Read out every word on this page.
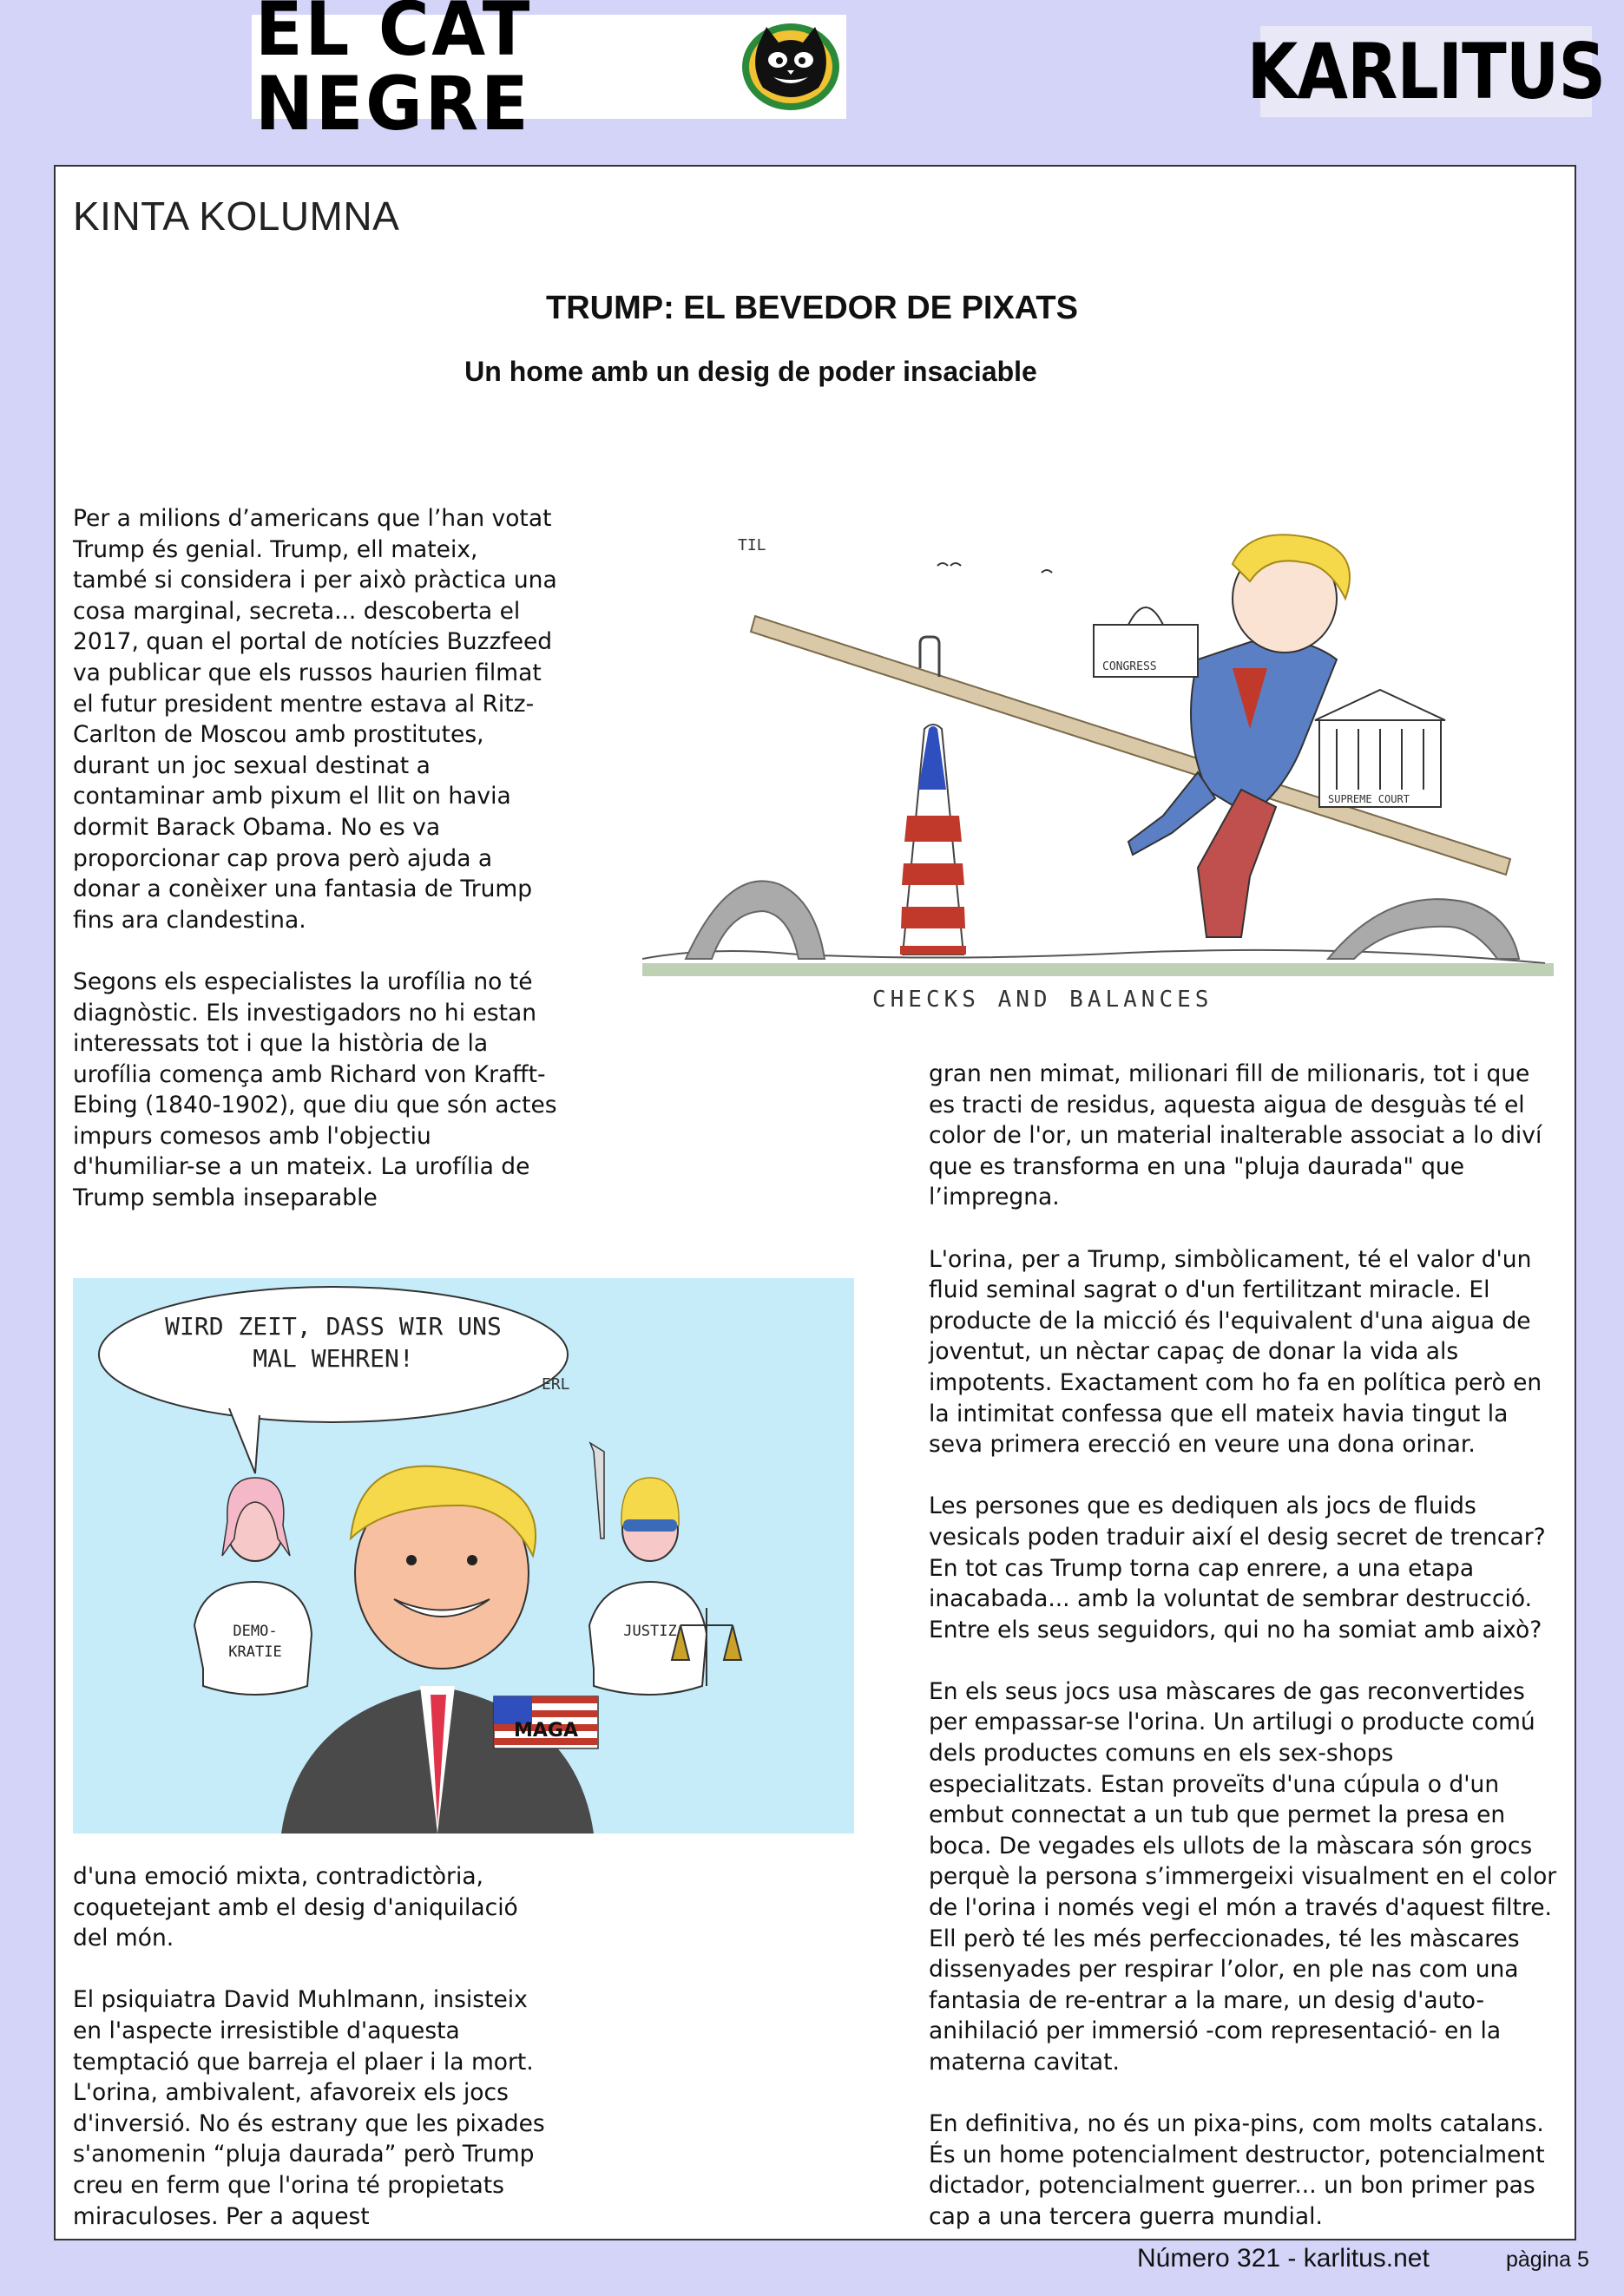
EL CAT NEGRE	KARLITUS
KINTA KOLUMNA
TRUMP: EL BEVEDOR DE PIXATS
Un home amb un desig de poder insaciable

Per a milions d’americans que l’han votat Trump és genial. Trump, ell mateix, també si considera i per això pràctica una cosa marginal, secreta... descoberta el 2017, quan el portal de notícies Buzzfeed va publicar que els russos haurien filmat el futur president mentre estava al Ritz-Carlton de Moscou amb prostitutes, durant un joc sexual destinat a contaminar amb pixum el llit on havia dormit Barack Obama. No es va proporcionar cap prova però ajuda a donar a conèixer una fantasia de Trump fins ara clandestina.

Segons els especialistes la urofília no té diagnòstic. Els investigadors no hi estan interessats tot i que la història de la urofília comença amb Richard von Krafft-Ebing (1840-1902), que diu que són actes impurs comesos amb l'objectiu d'humiliar-se a un mateix. La urofília de Trump sembla inseparable

TIL
CONGRESS
SUPREME COURT
CHECKS AND BALANCES
WIRD ZEIT, DASS WIR UNS
MAL WEHREN!
ERL
DEMO-
KRATIE
JUSTIZ
MAGA

d'una emoció mixta, contradictòria, coquetejant amb el desig d'aniquilació del món.

El psiquiatra David Muhlmann, insisteix en l'aspecte irresistible d'aquesta temptació que barreja el plaer i la mort. L'orina, ambivalent, afavoreix els jocs d'inversió. No és estrany que les pixades s'anomenin “pluja daurada” però Trump creu en ferm que l'orina té propietats miraculoses. Per a aquest

gran nen mimat, milionari fill de milionaris, tot i que es tracti de residus, aquesta aigua de desguàs té el color de l'or, un material inalterable associat a lo diví que es transforma en una "pluja daurada" que l’impregna.

L'orina, per a Trump, simbòlicament, té el valor d'un fluid seminal sagrat o d'un fertilitzant miracle. El producte de la micció és l'equivalent d'una aigua de joventut, un nèctar capaç de donar la vida als impotents. Exactament com ho fa en política però en la intimitat confessa que ell mateix havia tingut la seva primera erecció en veure una dona orinar.

Les persones que es dediquen als jocs de fluids vesicals poden traduir així el desig secret de trencar? En tot cas Trump torna cap enrere, a una etapa inacabada... amb la voluntat de sembrar destrucció. Entre els seus seguidors, qui no ha somiat amb això?

En els seus jocs usa màscares de gas reconvertides per empassar-se l'orina. Un artilugi o producte comú dels productes comuns en els sex-shops especialitzats. Estan proveïts d'una cúpula o d'un embut connectat a un tub que permet la presa en boca. De vegades els ullots de la màscara són grocs perquè la persona s’immergeixi visualment en el color de l'orina i només vegi el món a través d'aquest filtre. Ell però té les més perfeccionades, té les màscares dissenyades per respirar l’olor, en ple nas com una fantasia de re-entrar a la mare, un desig d'auto-anihilació per immersió -com representació- en la materna cavitat.

En definitiva, no és un pixa-pins, com molts catalans. És un home potencialment destructor, potencialment dictador, potencialment guerrer... un bon primer pas cap a una tercera guerra mundial.

Número 321 - karlitus.net	pàgina 5
